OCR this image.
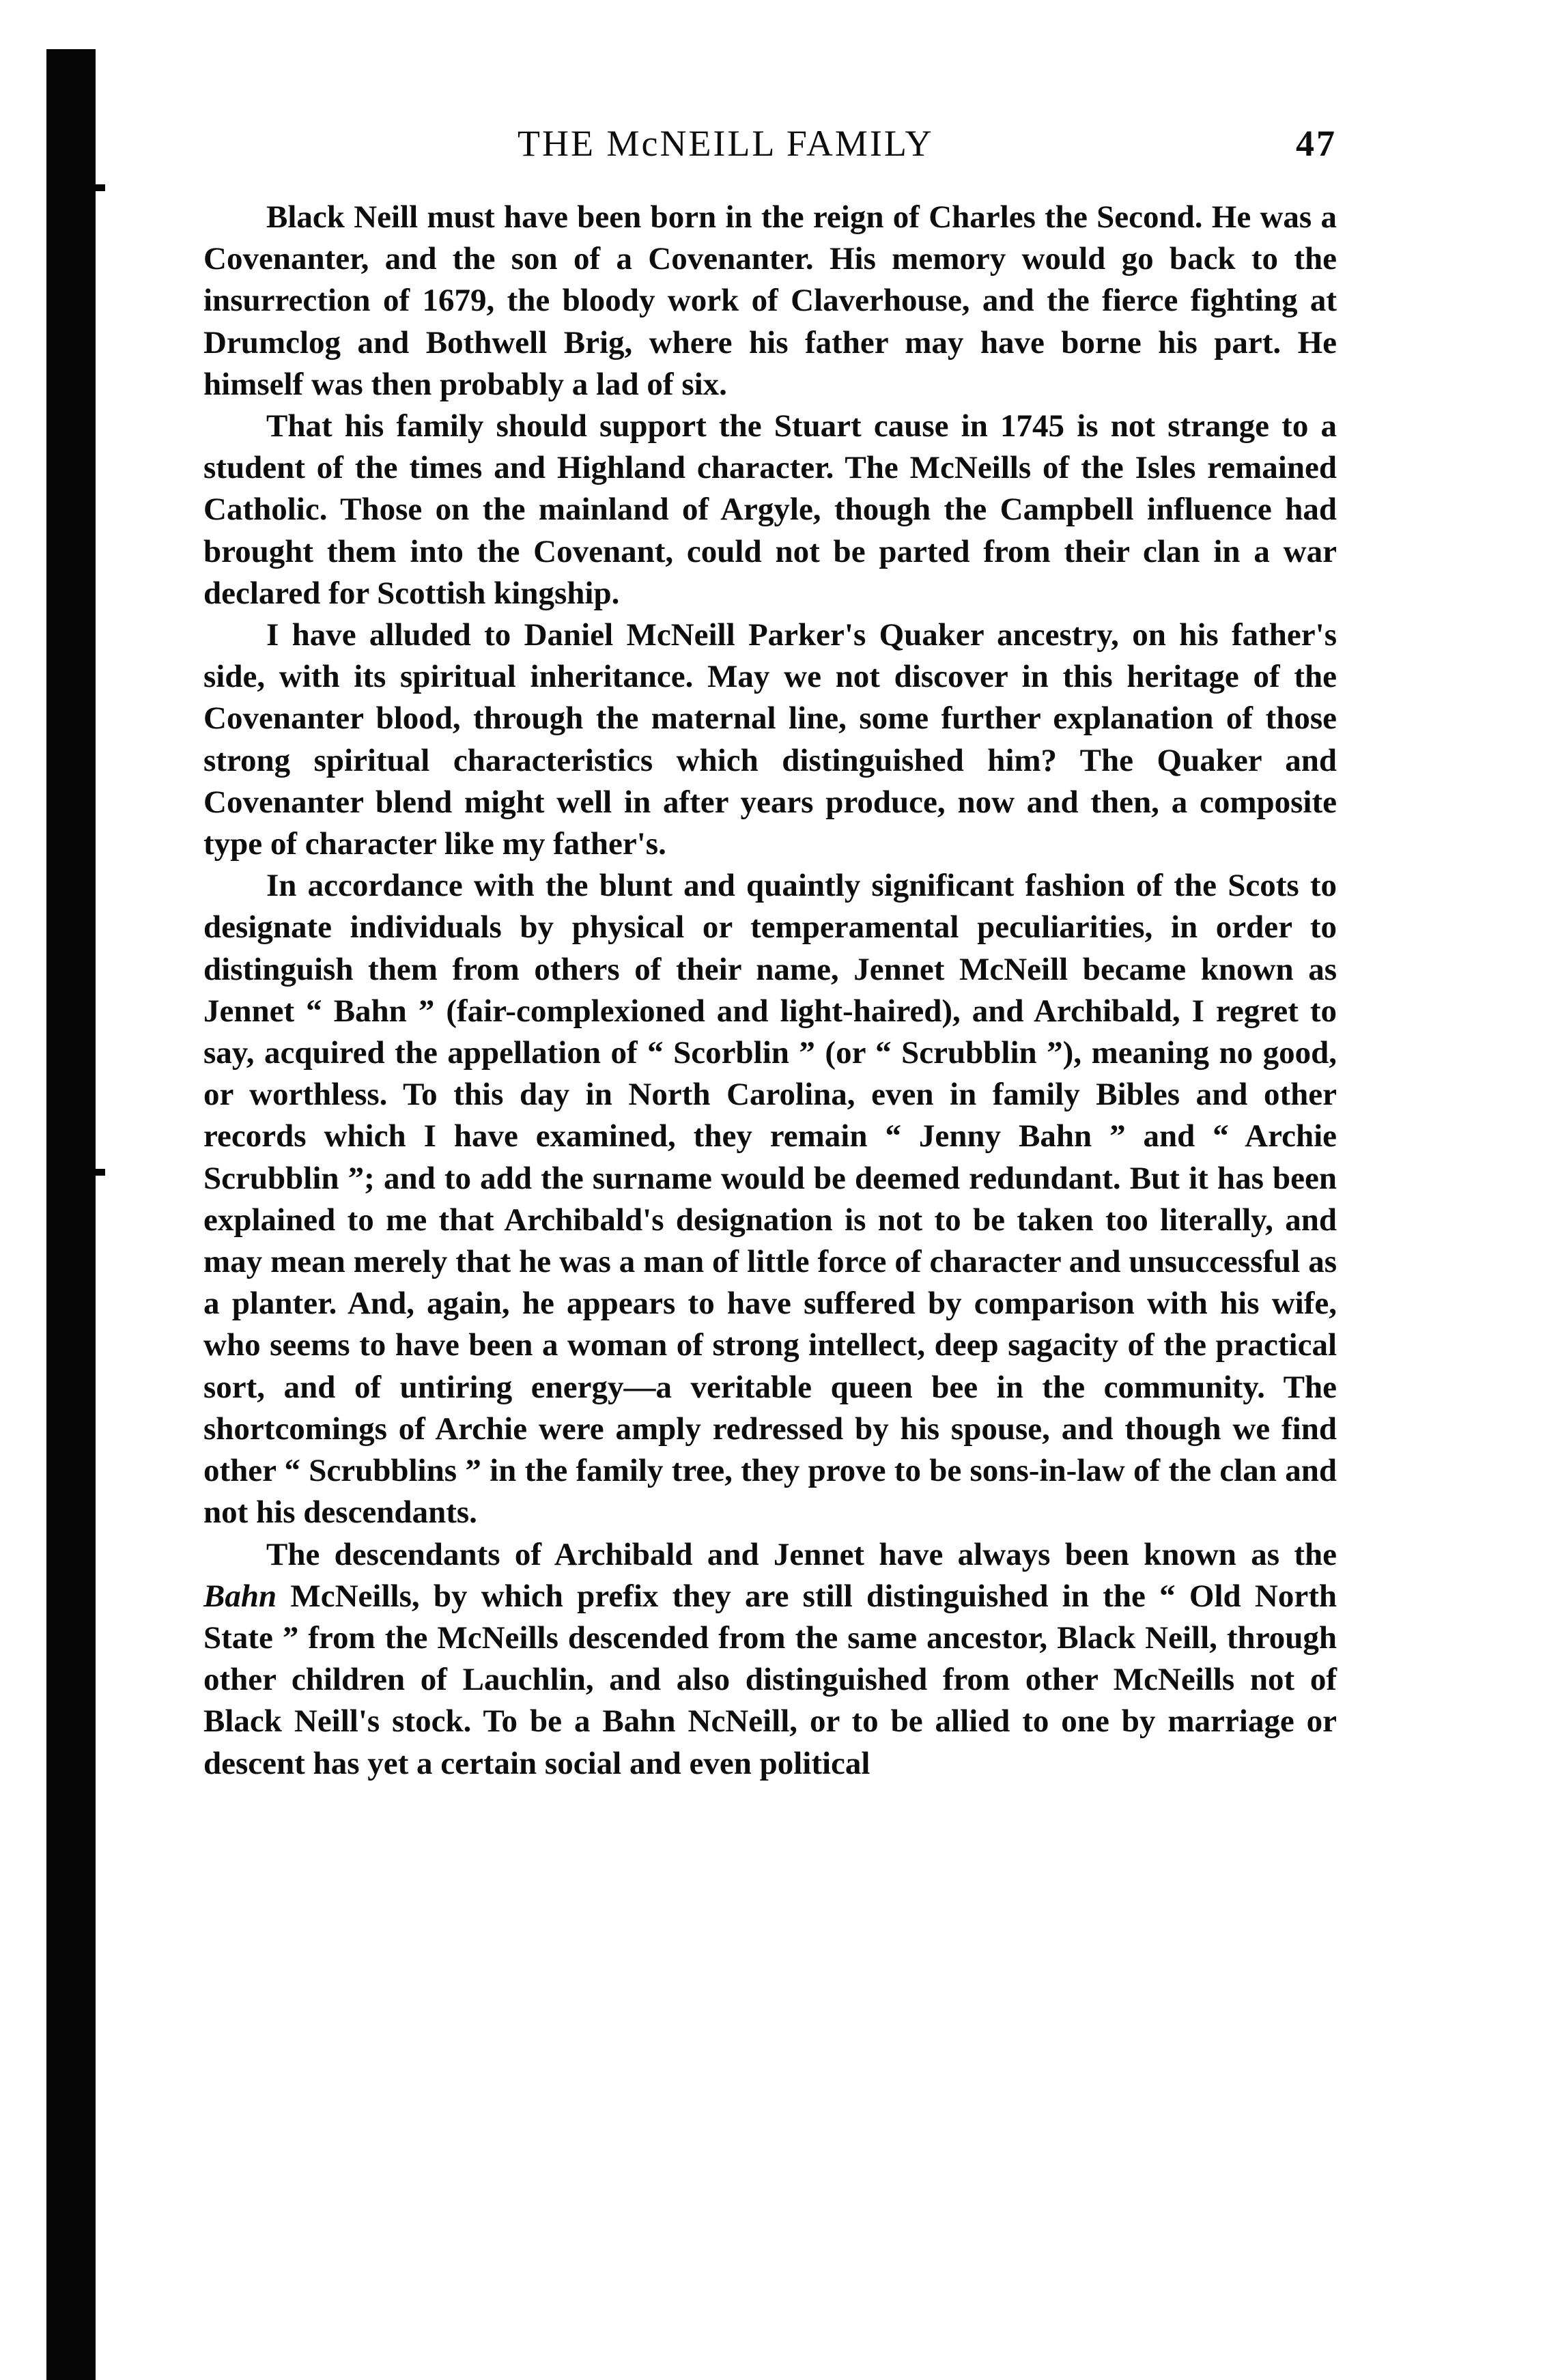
THE McNEILL FAMILY	47

Black Neill must have been born in the reign of Charles the Second. He was a Covenanter, and the son of a Covenanter. His memory would go back to the insurrection of 1679, the bloody work of Claverhouse, and the fierce fighting at Drumclog and Bothwell Brig, where his father may have borne his part. He himself was then probably a lad of six.

That his family should support the Stuart cause in 1745 is not strange to a student of the times and Highland character. The McNeills of the Isles remained Catholic. Those on the mainland of Argyle, though the Campbell influence had brought them into the Covenant, could not be parted from their clan in a war declared for Scottish kingship.

I have alluded to Daniel McNeill Parker's Quaker ancestry, on his father's side, with its spiritual inheritance. May we not discover in this heritage of the Covenanter blood, through the maternal line, some further explanation of those strong spiritual characteristics which distinguished him? The Quaker and Covenanter blend might well in after years produce, now and then, a composite type of character like my father's.

In accordance with the blunt and quaintly significant fashion of the Scots to designate individuals by physical or temperamental peculiarities, in order to distinguish them from others of their name, Jennet McNeill became known as Jennet “ Bahn ” (fair-complexioned and light-haired), and Archibald, I regret to say, acquired the appellation of “ Scorblin ” (or “ Scrubblin ”), meaning no good, or worthless. To this day in North Carolina, even in family Bibles and other records which I have examined, they remain “ Jenny Bahn ” and “ Archie Scrubblin ”; and to add the surname would be deemed redundant. But it has been explained to me that Archibald's designation is not to be taken too literally, and may mean merely that he was a man of little force of character and unsuccessful as a planter. And, again, he appears to have suffered by comparison with his wife, who seems to have been a woman of strong intellect, deep sagacity of the practical sort, and of untiring energy—a veritable queen bee in the community. The shortcomings of Archie were amply redressed by his spouse, and though we find other “ Scrubblins ” in the family tree, they prove to be sons-in-law of the clan and not his descendants.

The descendants of Archibald and Jennet have always been known as the Bahn McNeills, by which prefix they are still distinguished in the “ Old North State ” from the McNeills descended from the same ancestor, Black Neill, through other children of Lauchlin, and also distinguished from other McNeills not of Black Neill's stock. To be a Bahn NcNeill, or to be allied to one by marriage or descent has yet a certain social and even political
